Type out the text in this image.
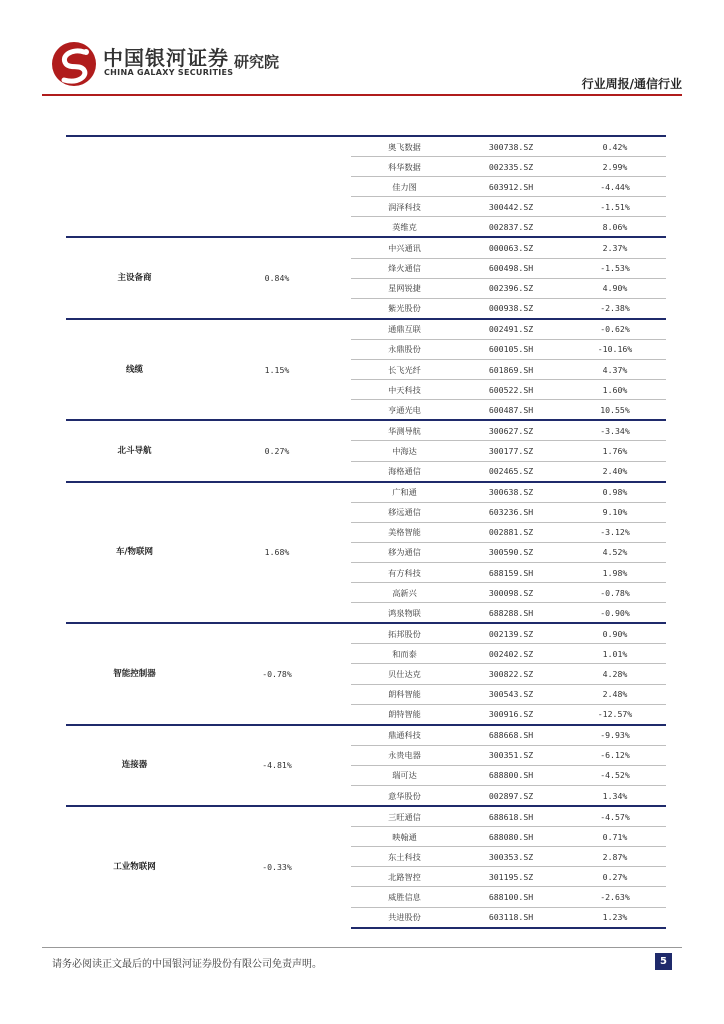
中国银河证券
CHINA GALAXY SECURITIES
研究院
行业周报/通信行业
		奥飞数据	300738.SZ	0.42%
		科华数据	002335.SZ	2.99%
		佳力图	603912.SH	-4.44%
		润泽科技	300442.SZ	-1.51%
		英维克	002837.SZ	8.06%
主设备商	0.84%	中兴通讯	000063.SZ	2.37%
		烽火通信	600498.SH	-1.53%
		星网锐捷	002396.SZ	4.90%
		紫光股份	000938.SZ	-2.38%
线缆	1.15%	通鼎互联	002491.SZ	-0.62%
		永鼎股份	600105.SH	-10.16%
		长飞光纤	601869.SH	4.37%
		中天科技	600522.SH	1.60%
		亨通光电	600487.SH	10.55%
北斗导航	0.27%	华测导航	300627.SZ	-3.34%
		中海达	300177.SZ	1.76%
		海格通信	002465.SZ	2.40%
车/物联网	1.68%	广和通	300638.SZ	0.98%
		移远通信	603236.SH	9.10%
		美格智能	002881.SZ	-3.12%
		移为通信	300590.SZ	4.52%
		有方科技	688159.SH	1.98%
		高新兴	300098.SZ	-0.78%
		鸿泉物联	688288.SH	-0.90%
智能控制器	-0.78%	拓邦股份	002139.SZ	0.90%
		和而泰	002402.SZ	1.01%
		贝仕达克	300822.SZ	4.28%
		朗科智能	300543.SZ	2.48%
		朗特智能	300916.SZ	-12.57%
连接器	-4.81%	鼎通科技	688668.SH	-9.93%
		永贵电器	300351.SZ	-6.12%
		瑞可达	688800.SH	-4.52%
		意华股份	002897.SZ	1.34%
工业物联网	-0.33%	三旺通信	688618.SH	-4.57%
		映翰通	688080.SH	0.71%
		东土科技	300353.SZ	2.87%
		北路智控	301195.SZ	0.27%
		威胜信息	688100.SH	-2.63%
		共进股份	603118.SH	1.23%
请务必阅读正文最后的中国银河证券股份有限公司免责声明。	5
